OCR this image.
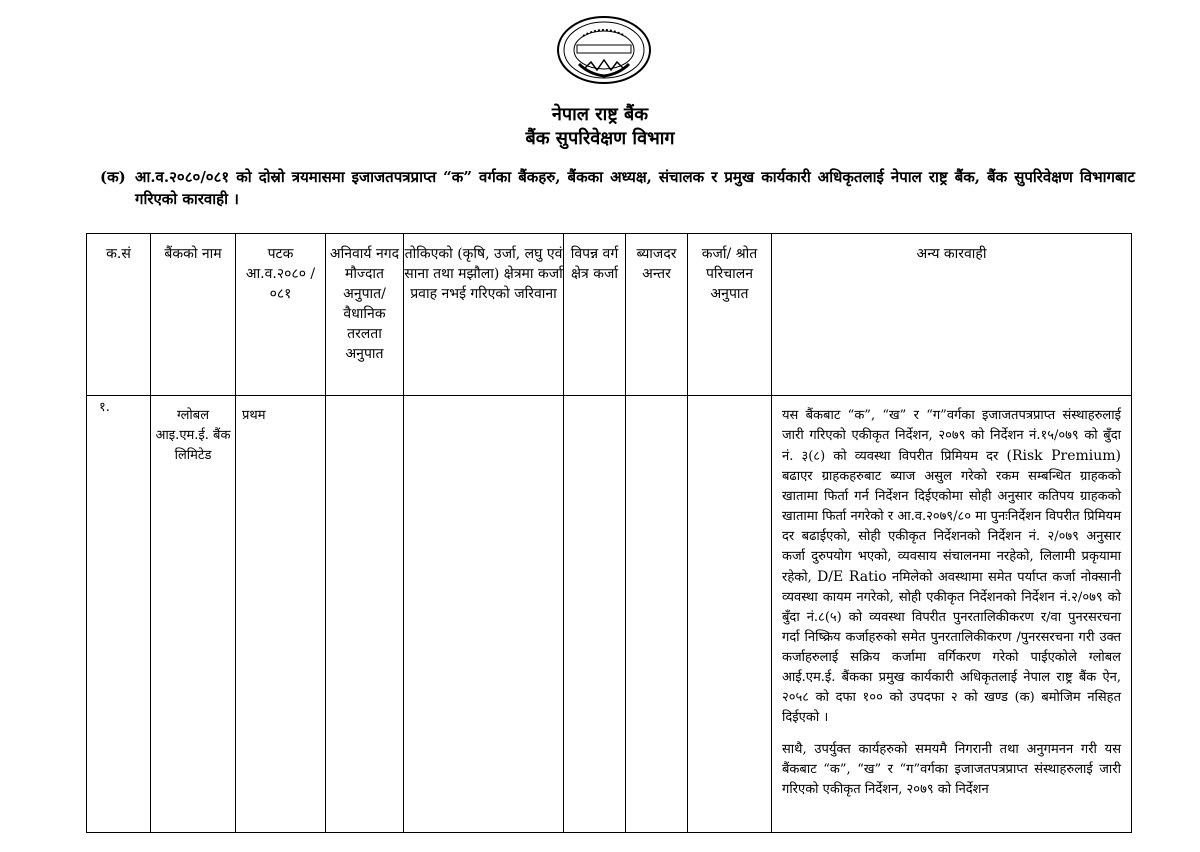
नेपाल राष्ट्र बैंक
बैंक सुपरिवेक्षण विभाग
(क) आ.व.२०८०/०८१ को दोस्रो त्रयमासमा इजाजतपत्रप्राप्त “क” वर्गका बैंकहरु, बैंकका अध्यक्ष, संचालक र प्रमुख कार्यकारी अधिकृतलाई नेपाल राष्ट्र बैंक, बैंक सुपरिवेक्षण विभागबाट गरिएको कारवाही ।
क.सं	बैंकको नाम	पटक आ.व.२०८० /०८१	अनिवार्य नगद मौज्दात अनुपात/ वैधानिक तरलता अनुपात	तोकिएको (कृषि, उर्जा, लघु एवं साना तथा मझौला) क्षेत्रमा कर्जा प्रवाह नभई गरिएको जरिवाना	विपन्न वर्ग क्षेत्र कर्जा	ब्याजदर अन्तर	कर्जा/ श्रोत परिचालन अनुपात	अन्य कारवाही
१.	ग्लोबल आइ.एम.ई. बैंक लिमिटेड	प्रथम						यस बैंकबाट “क”, “ख” र “ग”वर्गका इजाजतपत्रप्राप्त संस्थाहरुलाई जारी गरिएको एकीकृत निर्देशन, २०७९ को निर्देशन नं.१५/०७९ को बुँदा नं. ३(८) को व्यवस्था विपरीत प्रिमियम दर (Risk Premium) बढाएर ग्राहकहरुबाट ब्याज असुल गरेको रकम सम्बन्धित ग्राहकको खातामा फिर्ता गर्न निर्देशन दिईएकोमा सोही अनुसार कतिपय ग्राहकको खातामा फिर्ता नगरेको र आ.व.२०७९/८० मा पुनःनिर्देशन विपरीत प्रिमियम दर बढाईएको, सोही एकीकृत निर्देशनको निर्देशन नं. २/०७९ अनुसार कर्जा दुरुपयोग भएको, व्यवसाय संचालनमा नरहेको, लिलामी प्रकृयामा रहेको, D/E Ratio नमिलेको अवस्थामा समेत पर्याप्त कर्जा नोक्सानी व्यवस्था कायम नगरेको, सोही एकीकृत निर्देशनको निर्देशन नं.२/०७९ को बुँदा नं.८(५) को व्यवस्था विपरीत पुनरतालिकीकरण र/वा पुनरसरचना गर्दा निष्क्रिय कर्जाहरुको समेत पुनरतालिकीकरण /पुनरसरचना गरी उक्त कर्जाहरुलाई सक्रिय कर्जामा वर्गिकरण गरेको पाईएकोले ग्लोबल आई.एम.ई. बैंकका प्रमुख कार्यकारी अधिकृतलाई नेपाल राष्ट्र बैंक ऐन, २०५८ को दफा १०० को उपदफा २ को खण्ड (क) बमोजिम नसिहत दिईएको ।

साथै, उपर्युक्त कार्यहरुको समयमै निगरानी तथा अनुगमनन गरी यस बैंकबाट “क”, “ख” र “ग”वर्गका इजाजतपत्रप्राप्त संस्थाहरुलाई जारी गरिएको एकीकृत निर्देशन, २०७९ को निर्देशन
